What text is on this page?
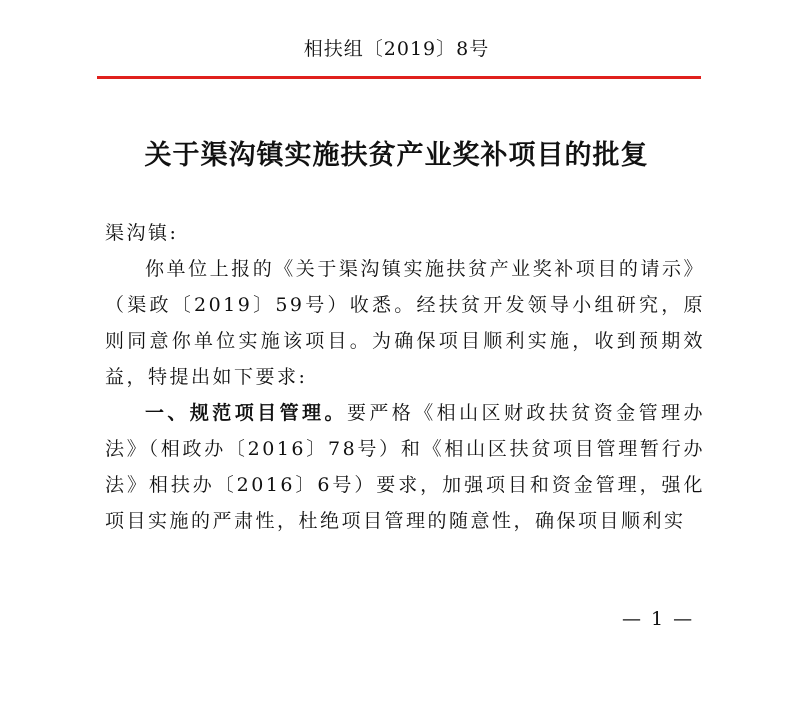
相扶组〔2019〕8号
关于渠沟镇实施扶贫产业奖补项目的批复

渠沟镇:

你单位上报的《关于渠沟镇实施扶贫产业奖补项目的请示》（渠政〔2019〕59号）收悉。经扶贫开发领导小组研究，原则同意你单位实施该项目。为确保项目顺利实施，收到预期效益，特提出如下要求:

一、规范项目管理。要严格《相山区财政扶贫资金管理办法》（相政办〔2016〕78号）和《相山区扶贫项目管理暂行办法》相扶办〔2016〕6号）要求，加强项目和资金管理，强化项目实施的严肃性，杜绝项目管理的随意性，确保项目顺利实

— 1 —
